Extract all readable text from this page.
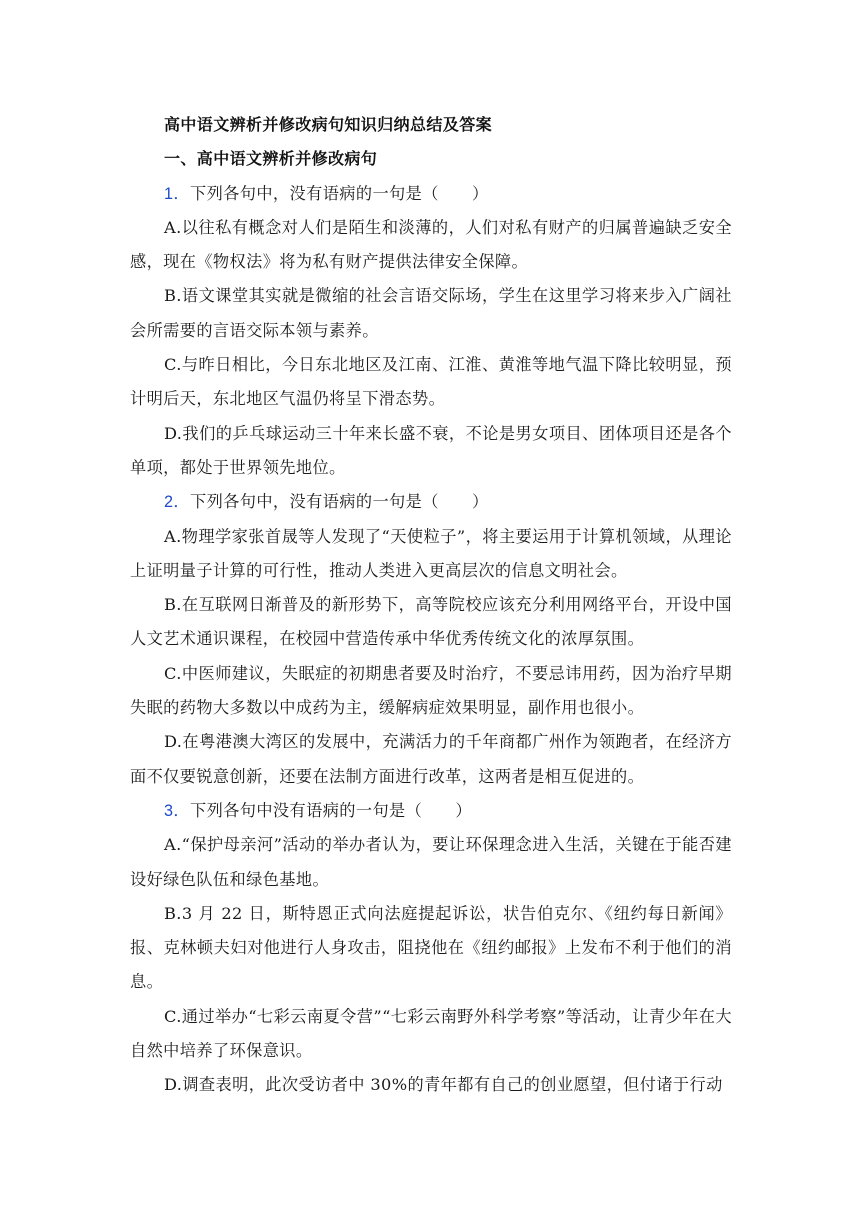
高中语文辨析并修改病句知识归纳总结及答案
一、高中语文辨析并修改病句

1．下列各句中，没有语病的一句是（　　）

A.以往私有概念对人们是陌生和淡薄的，人们对私有财产的归属普遍缺乏安全感，现在《物权法》将为私有财产提供法律安全保障。

B.语文课堂其实就是微缩的社会言语交际场，学生在这里学习将来步入广阔社会所需要的言语交际本领与素养。

C.与昨日相比，今日东北地区及江南、江淮、黄淮等地气温下降比较明显，预计明后天，东北地区气温仍将呈下滑态势。

D.我们的乒乓球运动三十年来长盛不衰，不论是男女项目、团体项目还是各个单项，都处于世界领先地位。

2．下列各句中，没有语病的一句是（　　）

A.物理学家张首晟等人发现了“天使粒子”，将主要运用于计算机领域，从理论上证明量子计算的可行性，推动人类进入更高层次的信息文明社会。

B.在互联网日渐普及的新形势下，高等院校应该充分利用网络平台，开设中国人文艺术通识课程，在校园中营造传承中华优秀传统文化的浓厚氛围。

C.中医师建议，失眠症的初期患者要及时治疗，不要忌讳用药，因为治疗早期失眠的药物大多数以中成药为主，缓解病症效果明显，副作用也很小。

D.在粤港澳大湾区的发展中，充满活力的千年商都广州作为领跑者，在经济方面不仅要锐意创新，还要在法制方面进行改革，这两者是相互促进的。

3．下列各句中没有语病的一句是（　　）

A.“保护母亲河”活动的举办者认为，要让环保理念进入生活，关键在于能否建设好绿色队伍和绿色基地。

B.3 月 22 日，斯特恩正式向法庭提起诉讼，状告伯克尔、《纽约每日新闻》报、克林顿夫妇对他进行人身攻击，阻挠他在《纽约邮报》上发布不利于他们的消息。

C.通过举办“七彩云南夏令营”“七彩云南野外科学考察”等活动，让青少年在大自然中培养了环保意识。

D.调查表明，此次受访者中 30%的青年都有自己的创业愿望，但付诸于行动
